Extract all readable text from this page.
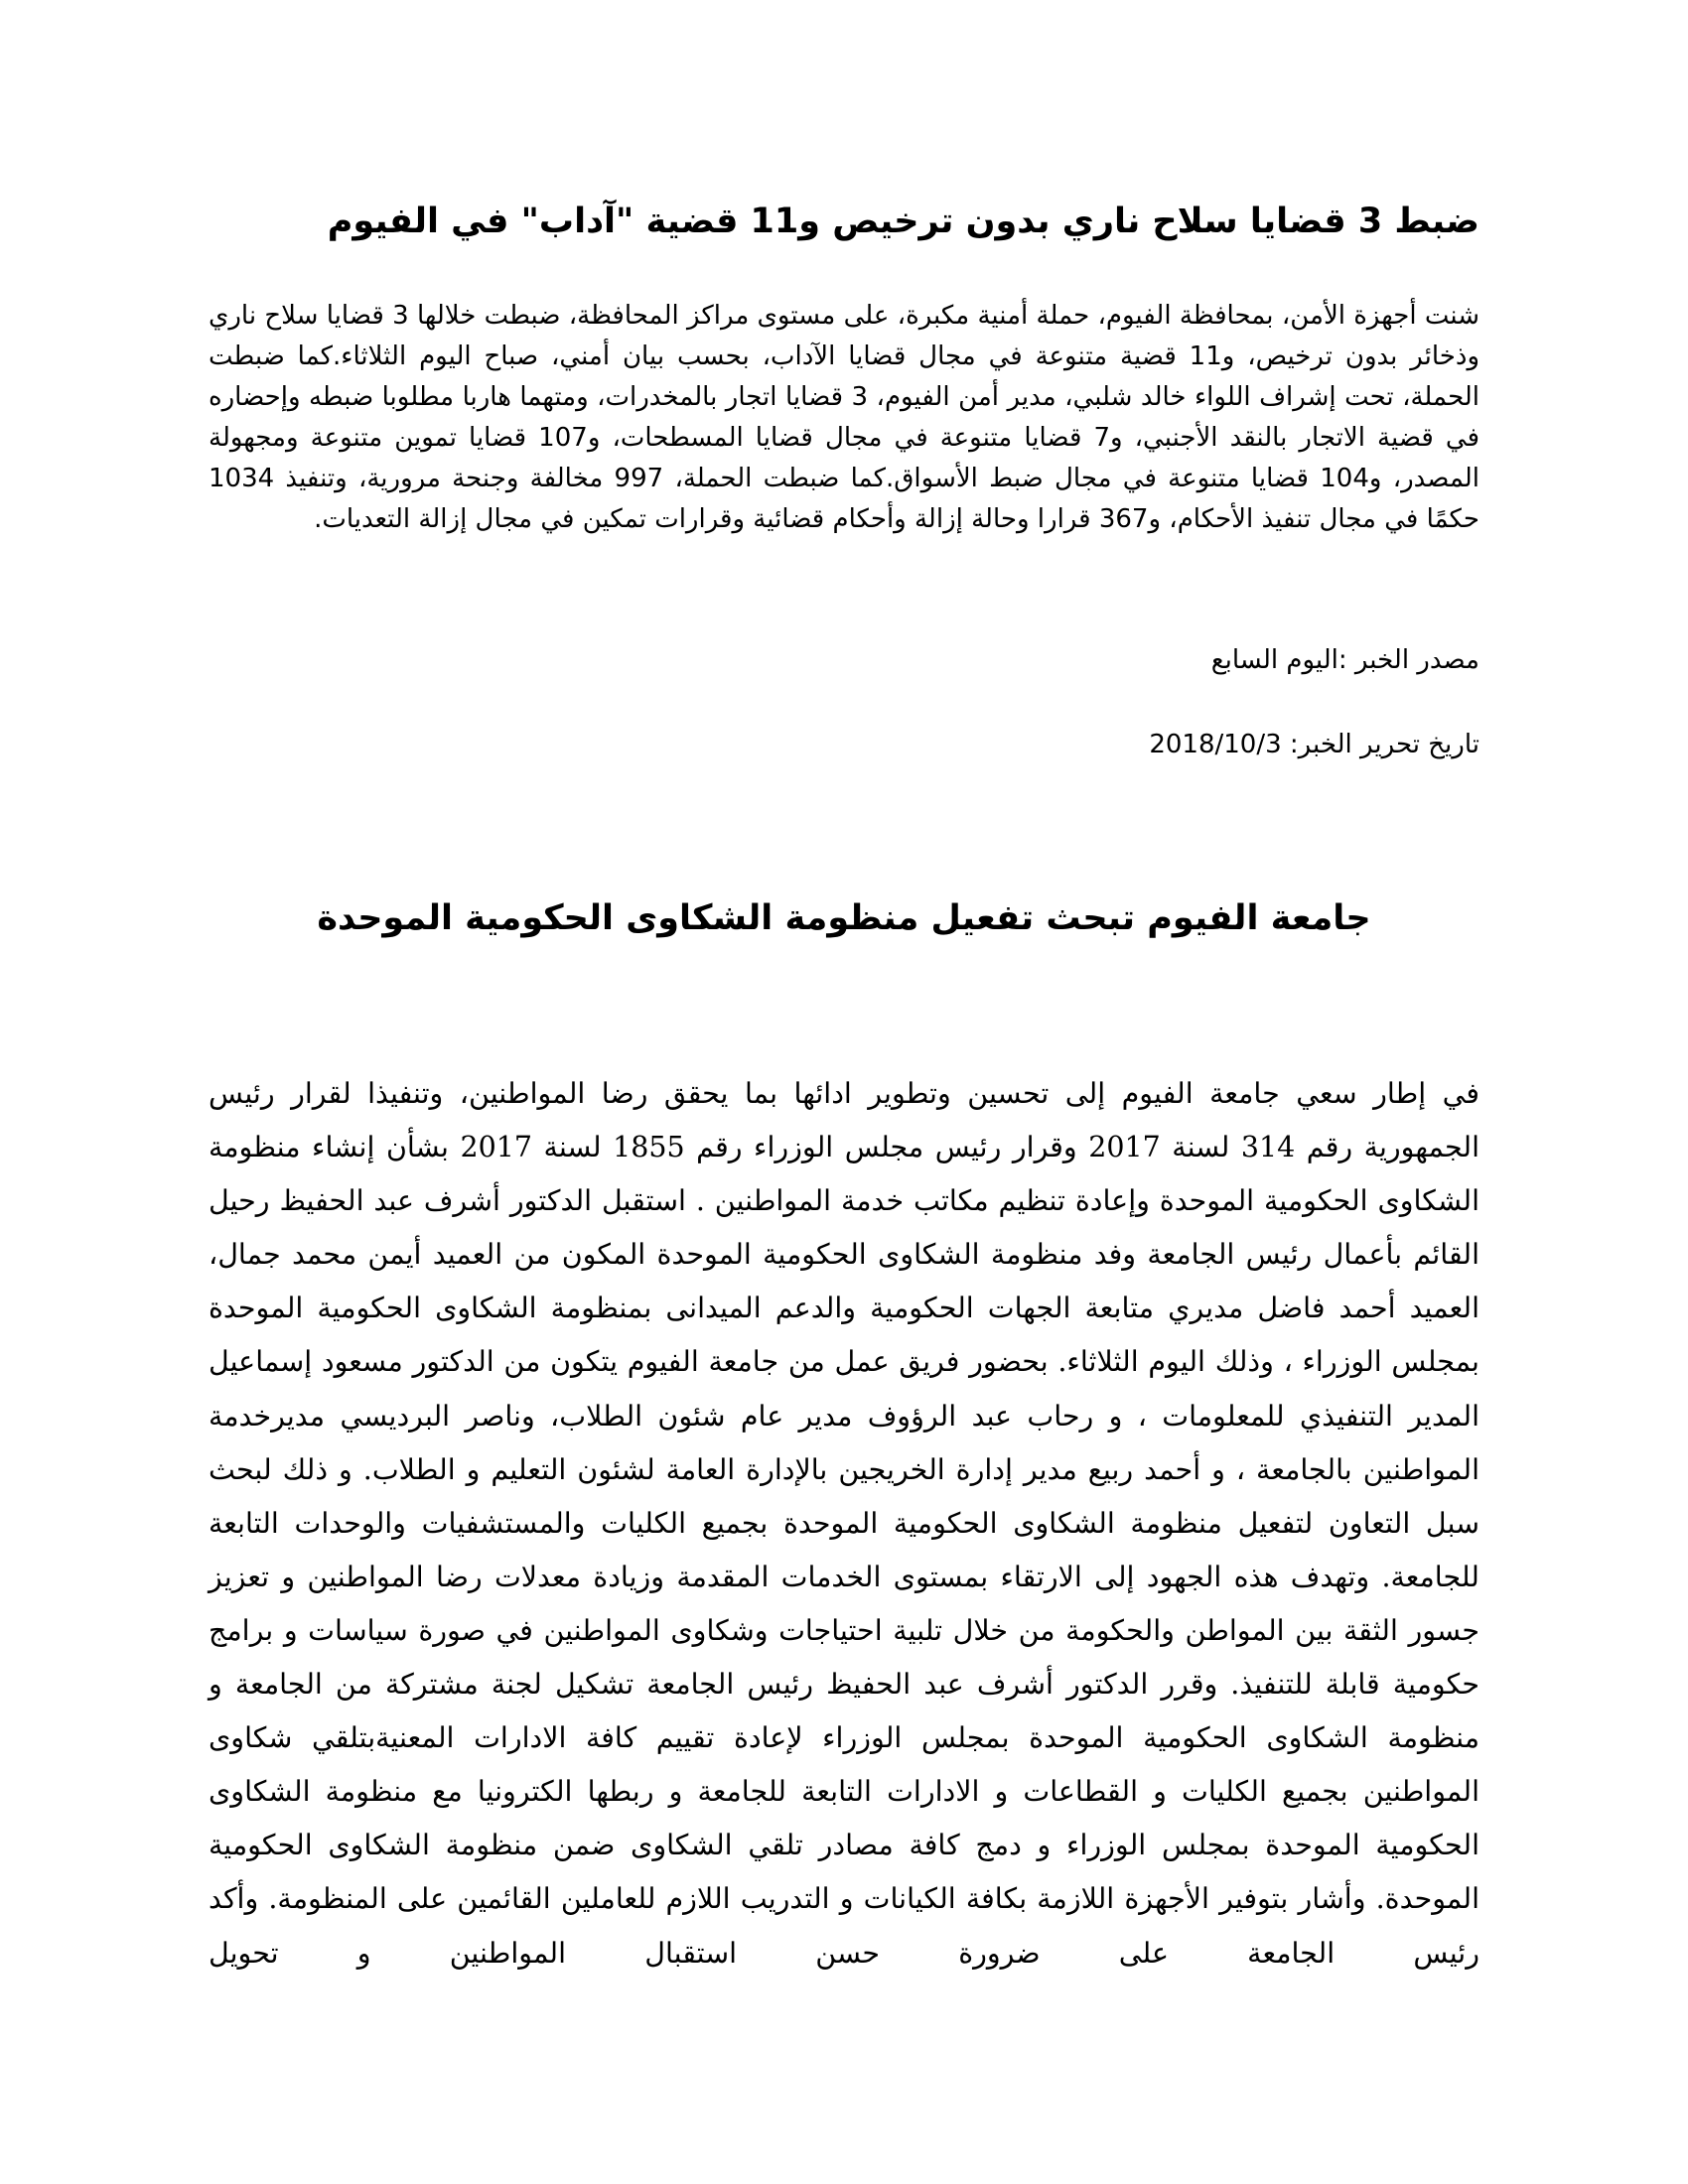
ضبط 3 قضايا سلاح ناري بدون ترخيص و11 قضية "آداب" في الفيوم

شنت أجهزة الأمن، بمحافظة الفيوم، حملة أمنية مكبرة، على مستوى مراكز المحافظة، ضبطت خلالها 3 قضايا سلاح ناري وذخائر بدون ترخيص، و11 قضية متنوعة في مجال قضايا الآداب، بحسب بيان أمني، صباح اليوم الثلاثاء.كما ضبطت الحملة، تحت إشراف اللواء خالد شلبي، مدير أمن الفيوم، 3 قضايا اتجار بالمخدرات، ومتهما هاربا مطلوبا ضبطه وإحضاره في قضية الاتجار بالنقد الأجنبي، و7 قضايا متنوعة في مجال قضايا المسطحات، و107 قضايا تموين متنوعة ومجهولة المصدر، و104 قضايا متنوعة في مجال ضبط الأسواق.كما ضبطت الحملة، 997 مخالفة وجنحة مرورية، وتنفيذ 1034 حكمًا في مجال تنفيذ الأحكام، و367 قرارا وحالة إزالة وأحكام قضائية وقرارات تمكين في مجال إزالة التعديات.

مصدر الخبر :اليوم السابع

تاريخ تحرير الخبر: 2018/10/3

جامعة الفيوم تبحث تفعيل منظومة الشكاوى الحكومية الموحدة

في إطار سعي جامعة الفيوم إلى تحسين وتطوير ادائها بما يحقق رضا المواطنين، وتنفيذا لقرار رئيس الجمهورية رقم 314 لسنة 2017 وقرار رئيس مجلس الوزراء رقم 1855 لسنة 2017 بشأن إنشاء منظومة الشكاوى الحكومية الموحدة وإعادة تنظيم مكاتب خدمة المواطنين . استقبل الدكتور أشرف عبد الحفيظ رحيل القائم بأعمال رئيس الجامعة وفد منظومة الشكاوى الحكومية الموحدة المكون من العميد أيمن محمد جمال، العميد أحمد فاضل مديري متابعة الجهات الحكومية والدعم الميدانى بمنظومة الشكاوى الحكومية الموحدة بمجلس الوزراء ، وذلك اليوم الثلاثاء. بحضور فريق عمل من جامعة الفيوم يتكون من الدكتور مسعود إسماعيل المدير التنفيذي للمعلومات ، و رحاب عبد الرؤوف مدير عام شئون الطلاب، وناصر البرديسي مديرخدمة المواطنين بالجامعة ، و أحمد ربيع مدير إدارة الخريجين بالإدارة العامة لشئون التعليم و الطلاب. و ذلك لبحث سبل التعاون لتفعيل منظومة الشكاوى الحكومية الموحدة بجميع الكليات والمستشفيات والوحدات التابعة للجامعة. وتهدف هذه الجهود إلى الارتقاء بمستوى الخدمات المقدمة وزيادة معدلات رضا المواطنين و تعزيز جسور الثقة بين المواطن والحكومة من خلال تلبية احتياجات وشكاوى المواطنين في صورة سياسات و برامج حكومية قابلة للتنفيذ. وقرر الدكتور أشرف عبد الحفيظ رئيس الجامعة تشكيل لجنة مشتركة من الجامعة و منظومة الشكاوى الحكومية الموحدة بمجلس الوزراء لإعادة تقييم كافة الادارات المعنيةبتلقي شكاوى المواطنين بجميع الكليات و القطاعات و الادارات التابعة للجامعة و ربطها الكترونيا مع منظومة الشكاوى الحكومية الموحدة بمجلس الوزراء و دمج كافة مصادر تلقي الشكاوى ضمن منظومة الشكاوى الحكومية الموحدة. وأشار بتوفير الأجهزة اللازمة بكافة الكيانات و التدريب اللازم للعاملين القائمين على المنظومة. وأكد رئيس الجامعة على ضرورة حسن استقبال المواطنين و تحويل
